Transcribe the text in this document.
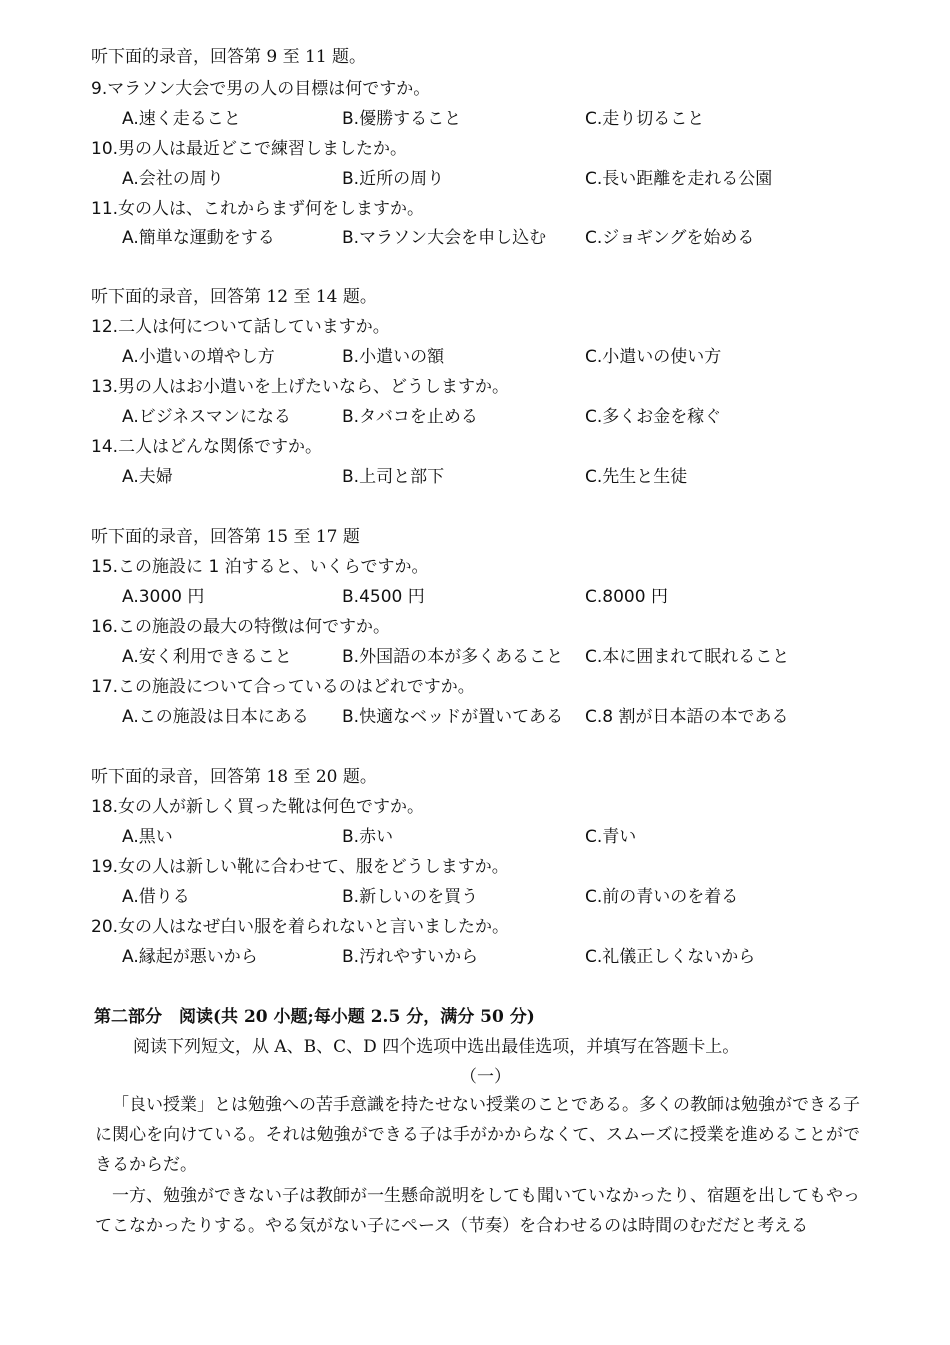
听下面的录音，回答第 9 至 11 题。
9.マラソン大会で男の人の目標は何ですか。
A.速く走ること	B.優勝すること	C.走り切ること
10.男の人は最近どこで練習しましたか。
A.会社の周り	B.近所の周り	C.長い距離を走れる公園
11.女の人は、これからまず何をしますか。
A.簡単な運動をする	B.マラソン大会を申し込む C.ジョギングを始める
听下面的录音，回答第 12 至 14 题。
12.二人は何について話していますか。
A.小遣いの増やし方	B.小遣いの額	C.小遣いの使い方
13.男の人はお小遣いを上げたいなら、どうしますか。
A.ビジネスマンになる	B.タバコを止める	C.多くお金を稼ぐ
14.二人はどんな関係ですか。
A.夫婦	B.上司と部下	C.先生と生徒
听下面的录音，回答第 15 至 17 题
15.この施設に 1 泊すると、いくらですか。
A.3000 円	B.4500 円	C.8000 円
16.この施設の最大の特徴は何ですか。
A.安く利用できること	B.外国語の本が多くあること C.本に囲まれて眠れること
17.この施設について合っているのはどれですか。
A.この施設は日本にある B.快適なベッドが置いてある C.8 割が日本語の本である
听下面的录音，回答第 18 至 20 题。
18.女の人が新しく買った靴は何色ですか。
A.黒い	B.赤い	C.青い
19.女の人は新しい靴に合わせて、服をどうしますか。
A.借りる	B.新しいのを買う	C.前の青いのを着る
20.女の人はなぜ白い服を着られないと言いましたか。
A.縁起が悪いから	B.汚れやすいから	C.礼儀正しくないから
第二部分　阅读(共 20 小题;每小题 2.5 分，满分 50 分)
阅读下列短文，从 A、B、C、D 四个选项中选出最佳选项，并填写在答题卡上。
（一）

「良い授業」とは勉強への苦手意識を持たせない授業のことである。多くの教師は勉強ができる子に関心を向けている。それは勉強ができる子は手がかからなくて、スムーズに授業を進めることができるからだ。

一方、勉強ができない子は教師が一生懸命説明をしても聞いていなかったり、宿題を出してもやってこなかったりする。やる気がない子にペース（节奏）を合わせるのは時間のむだだと考える
